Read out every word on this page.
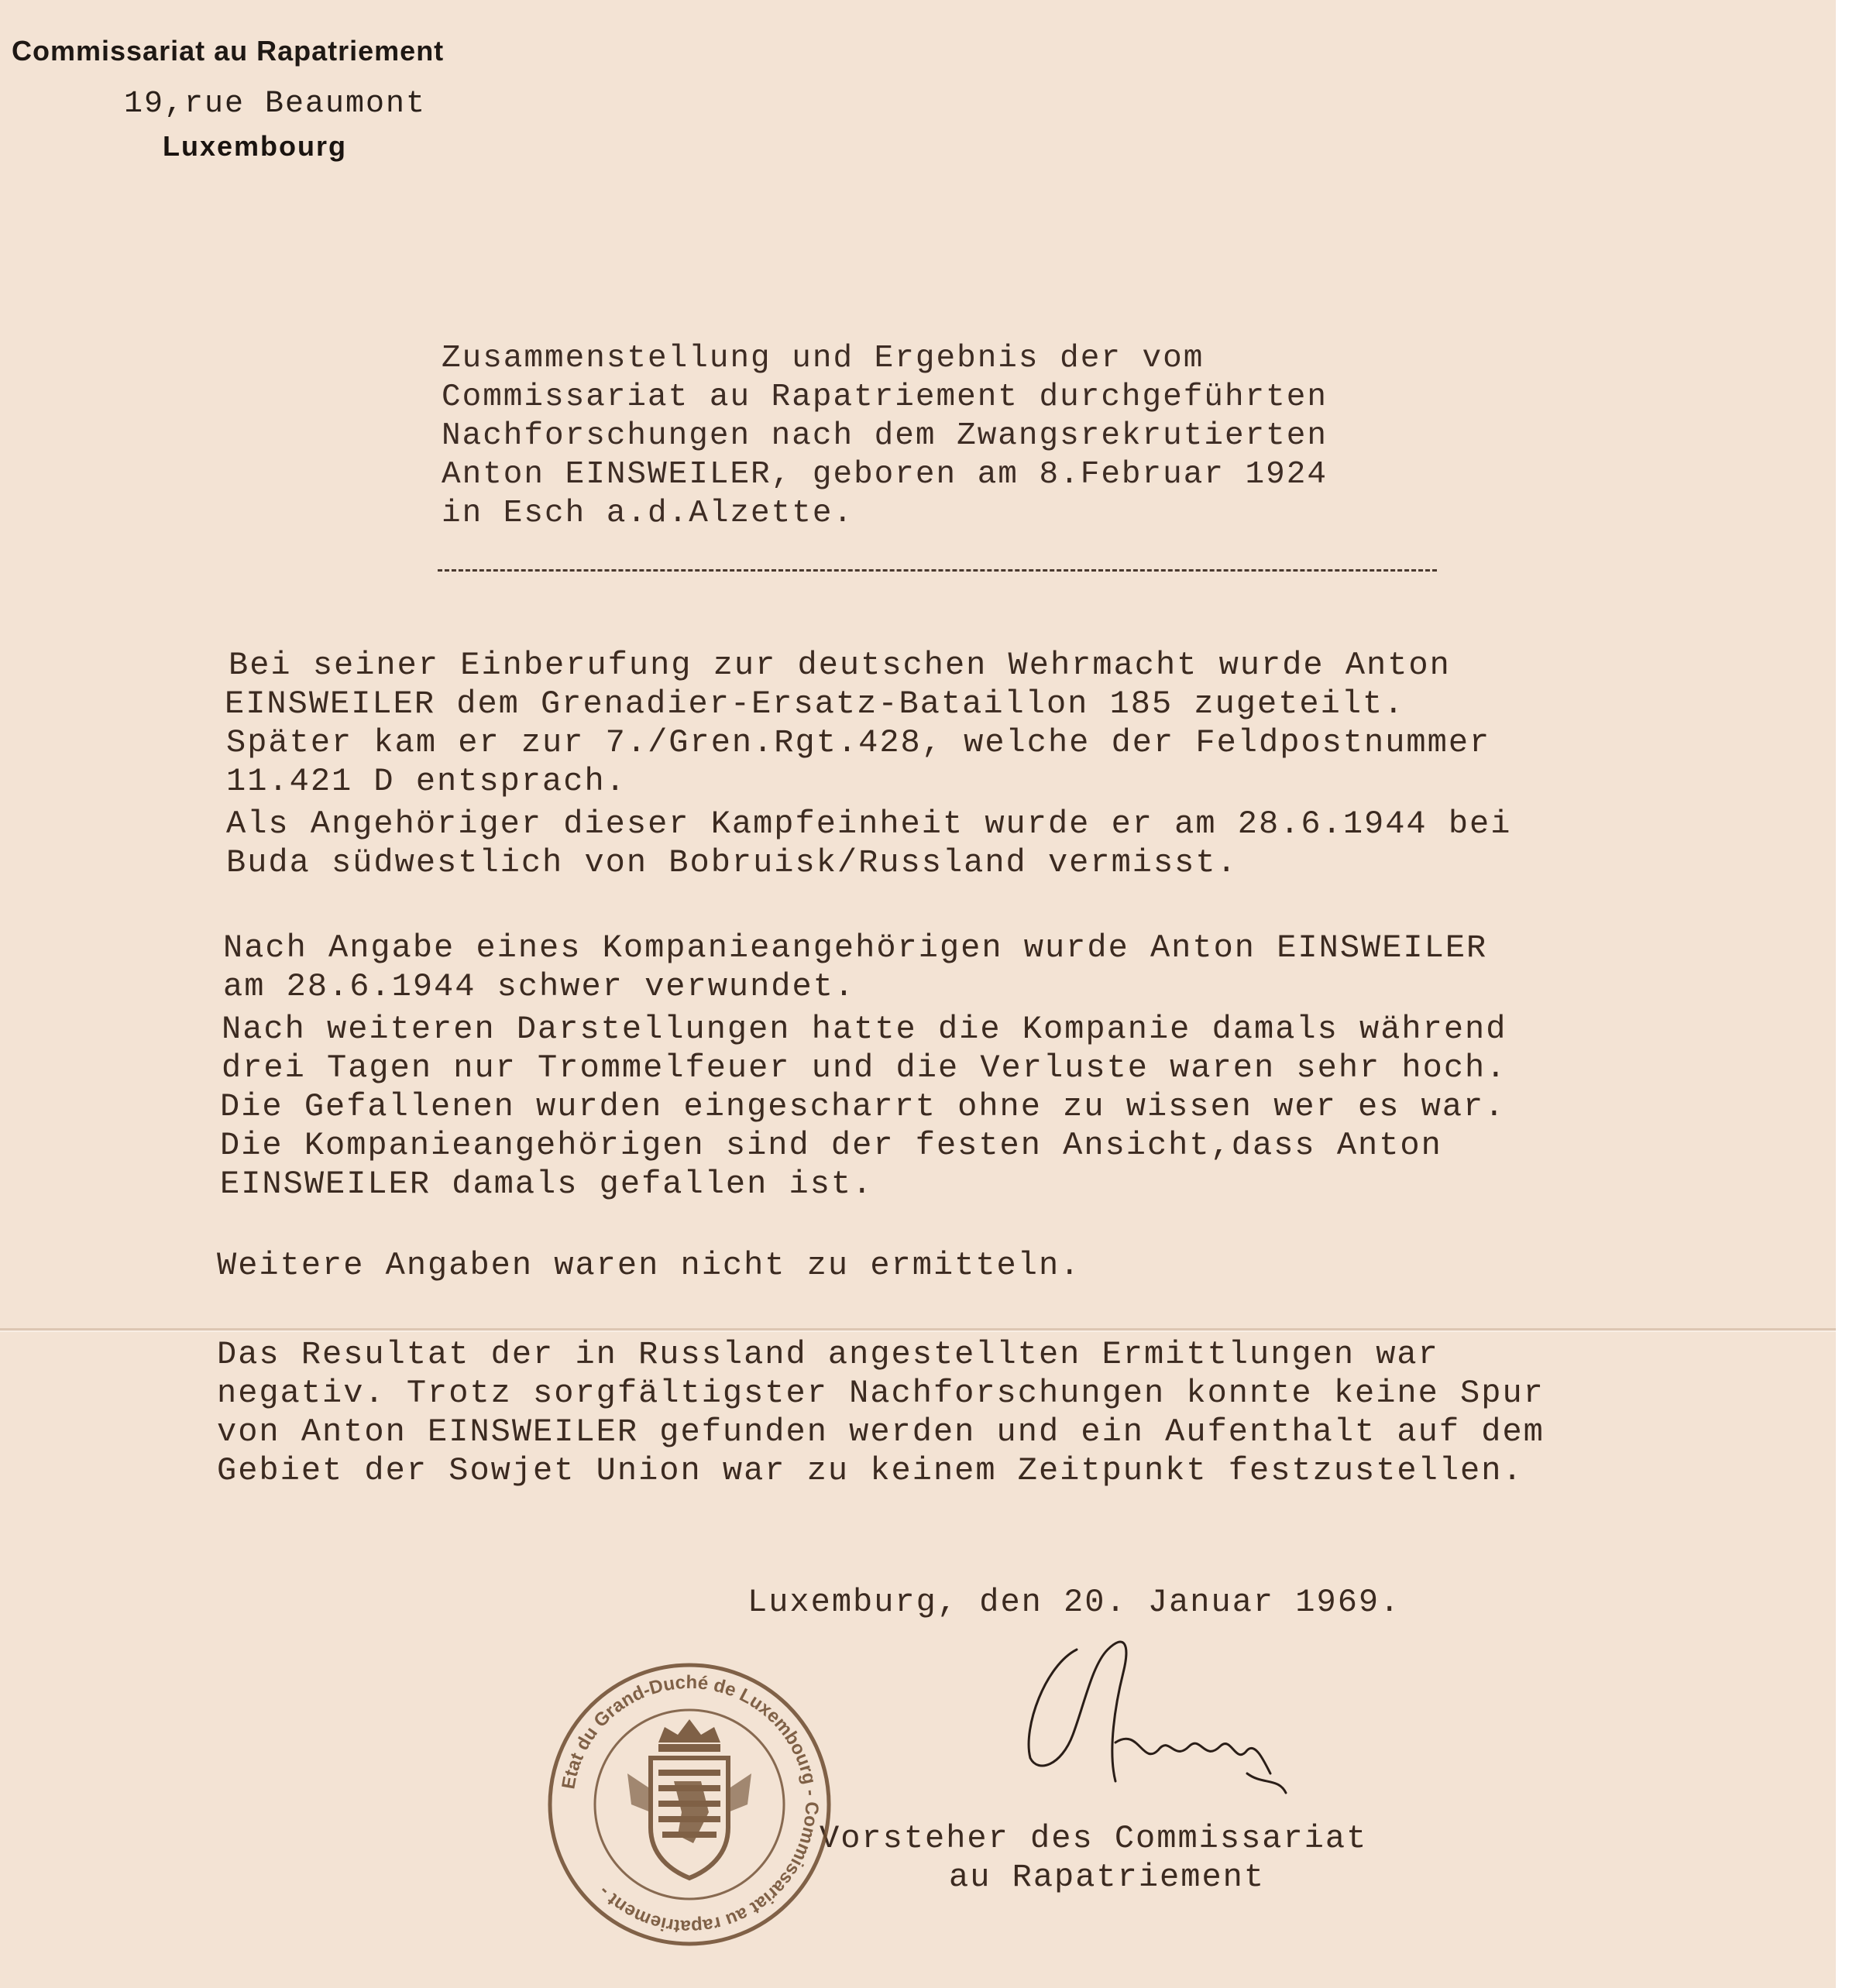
Commissariat au Rapatriement
19,rue Beaumont
Luxembourg
Zusammenstellung und Ergebnis der vom
Commissariat au Rapatriement durchgeführten
Nachforschungen nach dem Zwangsrekrutierten
Anton EINSWEILER, geboren am 8.Februar 1924
in Esch a.d.Alzette.
Bei seiner Einberufung zur deutschen Wehrmacht wurde Anton
EINSWEILER dem Grenadier-Ersatz-Bataillon 185 zugeteilt.
Später kam er zur 7./Gren.Rgt.428, welche der Feldpostnummer
11.421 D entsprach.
Als Angehöriger dieser Kampfeinheit wurde er am 28.6.1944 bei
Buda südwestlich von Bobruisk/Russland vermisst.
Nach Angabe eines Kompanieangehörigen wurde Anton EINSWEILER
am 28.6.1944 schwer verwundet.
Nach weiteren Darstellungen hatte die Kompanie damals während
drei Tagen nur Trommelfeuer und die Verluste waren sehr hoch.
Die Gefallenen wurden eingescharrt ohne zu wissen wer es war.
Die Kompanieangehörigen sind der festen Ansicht,dass Anton
EINSWEILER damals gefallen ist.
Weitere Angaben waren nicht zu ermitteln.
Das Resultat der in Russland angestellten Ermittlungen war
negativ. Trotz sorgfältigster Nachforschungen konnte keine Spur
von Anton EINSWEILER gefunden werden und ein Aufenthalt auf dem
Gebiet der Sowjet Union war zu keinem Zeitpunkt festzustellen.
Luxemburg, den 20. Januar 1969.
Vorsteher des Commissariat
au Rapatriement
Etat du Grand-Duché de Luxembourg - Commissariat au rapatriement -
